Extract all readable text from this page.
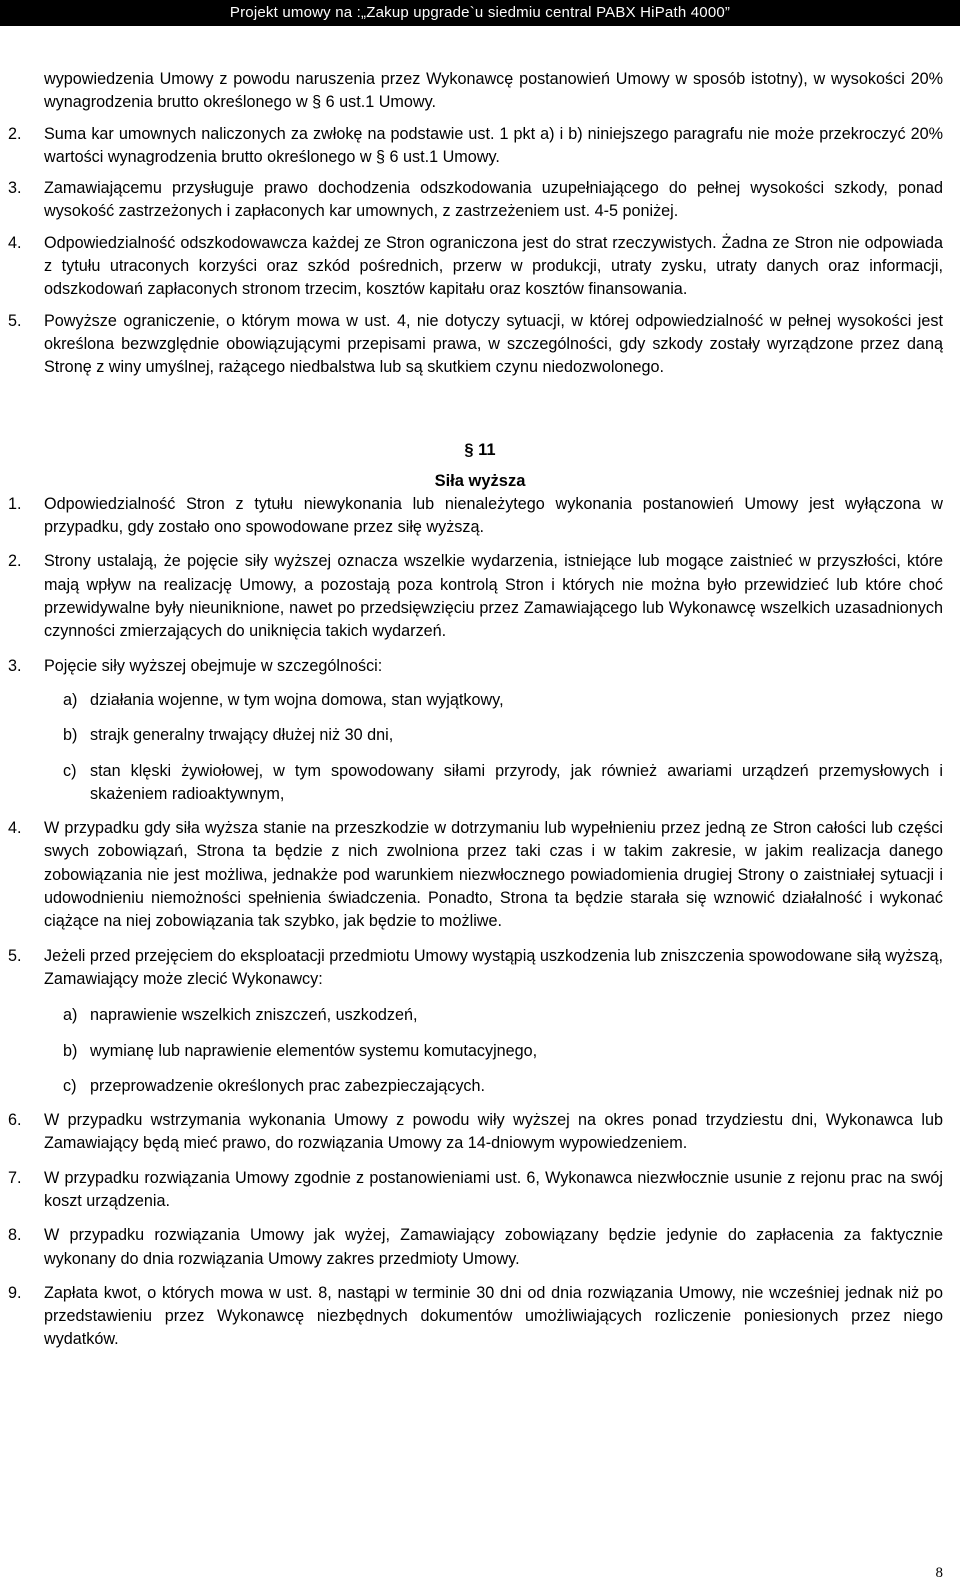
Projekt umowy na :„Zakup upgrade`u siedmiu central PABX HiPath 4000”

wypowiedzenia Umowy z powodu naruszenia przez Wykonawcę postanowień Umowy w sposób istotny), w wysokości 20% wynagrodzenia brutto określonego w § 6 ust.1 Umowy.

2. Suma kar umownych naliczonych za zwłokę na podstawie ust. 1 pkt a) i b) niniejszego paragrafu nie może przekroczyć 20% wartości wynagrodzenia brutto określonego w § 6 ust.1 Umowy.
3. Zamawiającemu przysługuje prawo dochodzenia odszkodowania uzupełniającego do pełnej wysokości szkody, ponad wysokość zastrzeżonych i zapłaconych kar umownych, z zastrzeżeniem ust. 4-5 poniżej.
4. Odpowiedzialność odszkodowawcza każdej ze Stron ograniczona jest do strat rzeczywistych. Żadna ze Stron nie odpowiada z tytułu utraconych korzyści oraz szkód pośrednich, przerw w produkcji, utraty zysku, utraty danych oraz informacji, odszkodowań zapłaconych stronom trzecim, kosztów kapitału oraz kosztów finansowania.
5. Powyższe ograniczenie, o którym mowa w ust. 4, nie dotyczy sytuacji, w której odpowiedzialność w pełnej wysokości jest określona bezwzględnie obowiązującymi przepisami prawa, w szczególności, gdy szkody zostały wyrządzone przez daną Stronę z winy umyślnej, rażącego niedbalstwa lub są skutkiem czynu niedozwolonego.
§ 11
Siła wyższa
1. Odpowiedzialność Stron z tytułu niewykonania lub nienależytego wykonania postanowień Umowy jest wyłączona w przypadku, gdy zostało ono spowodowane przez siłę wyższą.
2. Strony ustalają, że pojęcie siły wyższej oznacza wszelkie wydarzenia, istniejące lub mogące zaistnieć w przyszłości, które mają wpływ na realizację Umowy, a pozostają poza kontrolą Stron i których nie można było przewidzieć lub które choć przewidywalne były nieuniknione, nawet po przedsięwzięciu przez Zamawiającego lub Wykonawcę wszelkich uzasadnionych czynności zmierzających do uniknięcia takich wydarzeń.
3. Pojęcie siły wyższej obejmuje w szczególności:
a) działania wojenne, w tym wojna domowa, stan wyjątkowy,
b) strajk generalny trwający dłużej niż 30 dni,
c) stan klęski żywiołowej, w tym spowodowany siłami przyrody, jak również awariami urządzeń przemysłowych i skażeniem radioaktywnym,
4. W przypadku gdy siła wyższa stanie na przeszkodzie w dotrzymaniu lub wypełnieniu przez jedną ze Stron całości lub części swych zobowiązań, Strona ta będzie z nich zwolniona przez taki czas i w takim zakresie, w jakim realizacja danego zobowiązania nie jest możliwa, jednakże pod warunkiem niezwłocznego powiadomienia drugiej Strony o zaistniałej sytuacji i udowodnieniu niemożności spełnienia świadczenia. Ponadto, Strona ta będzie starała się wznowić działalność i wykonać ciążące na niej zobowiązania tak szybko, jak będzie to możliwe.
5. Jeżeli przed przejęciem do eksploatacji przedmiotu Umowy wystąpią uszkodzenia lub zniszczenia spowodowane siłą wyższą, Zamawiający może zlecić Wykonawcy:
a) naprawienie wszelkich zniszczeń, uszkodzeń,
b) wymianę lub naprawienie elementów systemu komutacyjnego,
c) przeprowadzenie określonych prac zabezpieczających.
6. W przypadku wstrzymania wykonania Umowy z powodu wiły wyższej na okres ponad trzydziestu dni, Wykonawca lub Zamawiający będą mieć prawo, do rozwiązania Umowy za 14-dniowym wypowiedzeniem.
7. W przypadku rozwiązania Umowy zgodnie z postanowieniami ust. 6, Wykonawca niezwłocznie usunie z rejonu prac na swój koszt urządzenia.
8. W przypadku rozwiązania Umowy jak wyżej, Zamawiający zobowiązany będzie jedynie do zapłacenia za faktycznie wykonany do dnia rozwiązania Umowy zakres przedmioty Umowy.
9. Zapłata kwot, o których mowa w ust. 8, nastąpi w terminie 30 dni od dnia rozwiązania Umowy, nie wcześniej jednak niż po przedstawieniu przez Wykonawcę niezbędnych dokumentów umożliwiających rozliczenie poniesionych przez niego wydatków.
8
